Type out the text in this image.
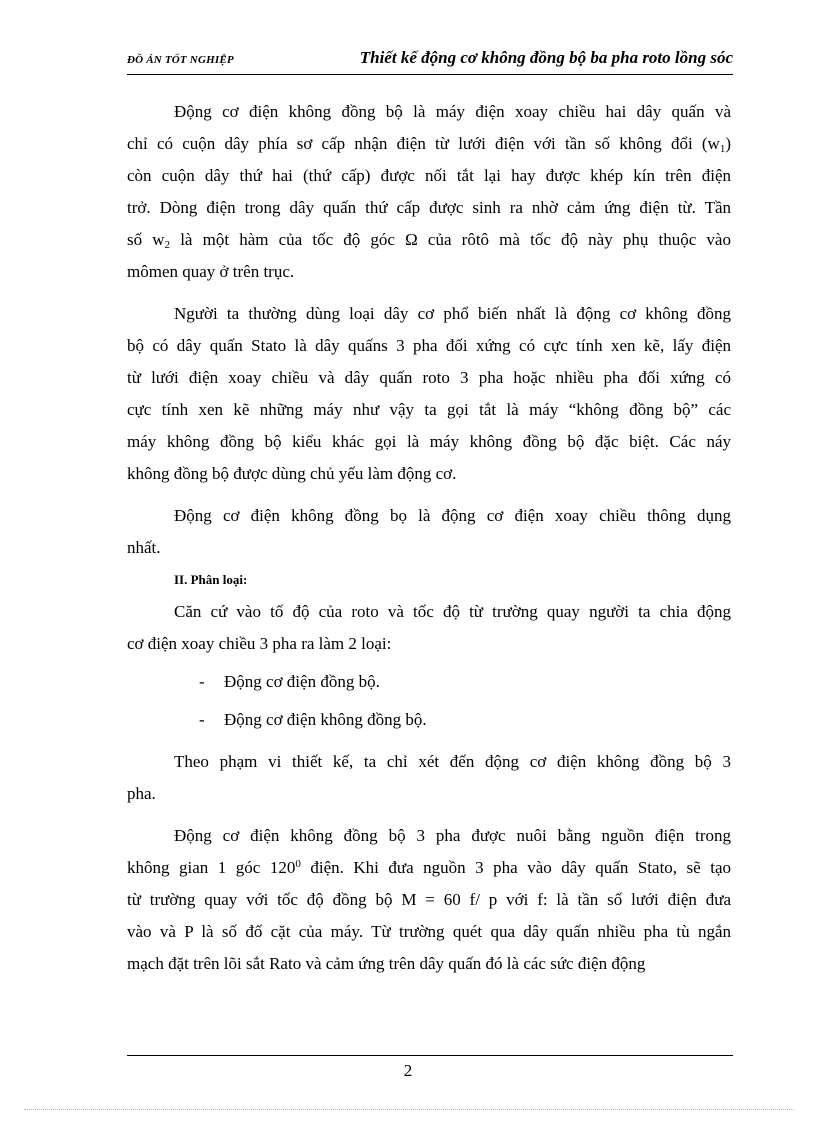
ĐỒ ÁN TỐT NGHIỆP	Thiết kế động cơ không đồng bộ ba pha roto lồng sóc
Động cơ điện không đồng bộ là máy điện xoay chiều hai dây quấn và
chỉ có cuộn dây phía sơ cấp nhận điện từ lưới điện với tần số không đổi $(w_1)$
còn cuộn dây thứ hai (thứ cấp) được nối tắt lại hay được khép kín trên điện
trở. Dòng điện trong dây quấn thứ cấp được sinh ra nhờ cảm ứng điện từ. Tần
số $w_2$ là một hàm của tốc độ góc Ω của rôtô mà tốc độ này phụ thuộc vào
mômen quay ở trên trục.
Người ta thường dùng loại dây cơ phổ biến nhất là động cơ không đồng
bộ có dây quấn Stato là dây quấns 3 pha đối xứng có cực tính xen kẽ, lấy điện
từ lưới điện xoay chiều và dây quấn roto 3 pha hoặc nhiều pha đối xứng có
cực tính xen kẽ những máy như vậy ta gọi tắt là máy “không đồng bộ” các
máy không đồng bộ kiểu khác gọi là máy không đồng bộ đặc biệt. Các náy
không đồng bộ được dùng chủ yếu làm động cơ.
Động cơ điện không đồng bọ là động cơ điện xoay chiều thông dụng
nhất.
II. Phân loại:
Căn cứ vào tố độ của roto và tốc độ từ trường quay người ta chia động
cơ điện xoay chiều 3 pha ra làm 2 loại:
- Động cơ điện đồng bộ.
- Động cơ điện không đồng bộ.
Theo phạm vi thiết kế, ta chỉ xét đến động cơ điện không đồng bộ 3
pha.
Động cơ điện không đồng bộ 3 pha được nuôi bằng nguồn điện trong
không gian 1 góc $120^0$ điện. Khi đưa nguồn 3 pha vào dây quấn Stato, sẽ tạo
từ trường quay với tốc độ đồng bộ M = 60 f/ p với f: là tần số lưới điện đưa
vào và P là số đố cặt của máy. Từ trường quét qua dây quấn nhiều pha tù ngắn
mạch đặt trên lõi sắt Rato và cảm ứng trên dây quấn đó là các sức điện động
2
